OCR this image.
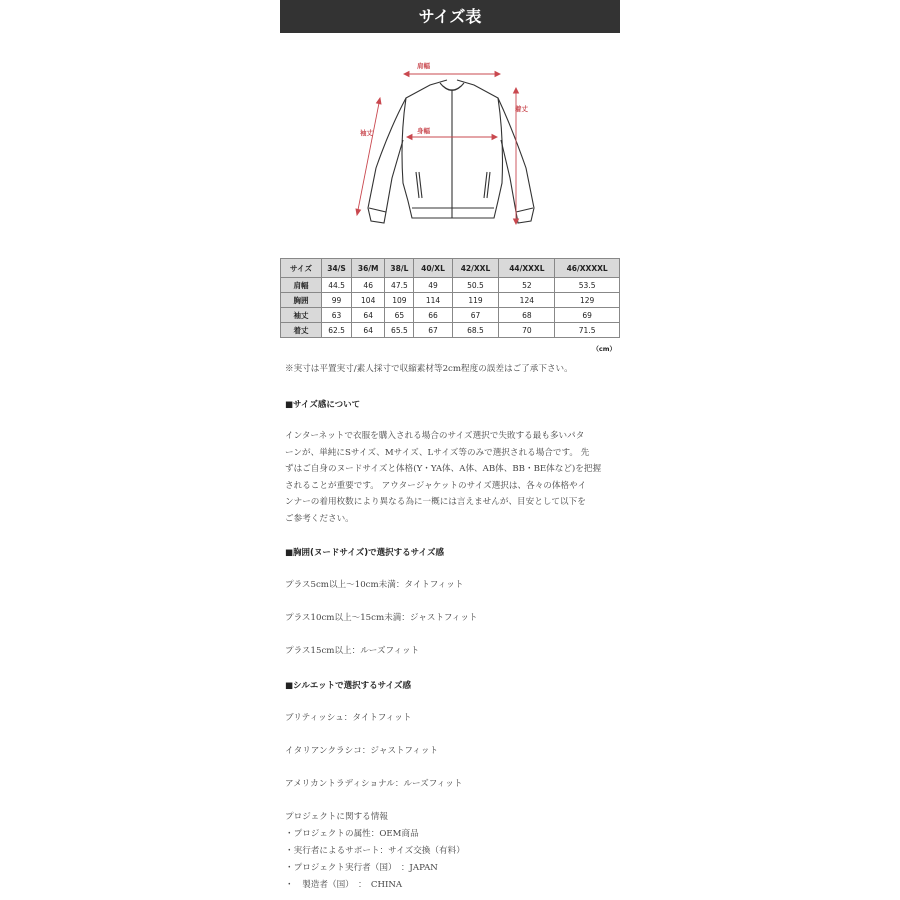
サイズ表
肩幅
身幅
袖丈
着丈
サイズ	34/S	36/M	38/L	40/XL	42/XXL	44/XXXL	46/XXXXL
肩幅	44.5	46	47.5	49	50.5	52	53.5
胸囲	99	104	109	114	119	124	129
袖丈	63	64	65	66	67	68	69
着丈	62.5	64	65.5	67	68.5	70	71.5
（cm）
※実寸は平置実寸/素人採寸で収縮素材等2cm程度の誤差はご了承下さい。
■サイズ感について
インターネットで衣服を購入される場合のサイズ選択で失敗する最も多いパタ
ーンが、単純にSサイズ、Mサイズ、Lサイズ等のみで選択される場合です。 先
ずはご自身のヌードサイズと体格(Y・YA体、A体、AB体、BB・BE体など)を把握
されることが重要です。 アウタージャケットのサイズ選択は、各々の体格やイ
ンナーの着用枚数により異なる為に一概には言えませんが、目安として以下を
ご参考ください。
■胸囲(ヌードサイズ)で選択するサイズ感
プラス5cm以上〜10cm未満：タイトフィット
プラス10cm以上〜15cm未満：ジャストフィット
プラス15cm以上：ルーズフィット
■シルエットで選択するサイズ感
ブリティッシュ：タイトフィット
イタリアンクラシコ：ジャストフィット
アメリカントラディショナル：ルーズフィット
プロジェクトに関する情報
・プロジェクトの属性：OEM商品
・実行者によるサポート：サイズ交換（有料）
・プロジェクト実行者（国）　：JAPAN
・　製造者（国）　：　CHINA
